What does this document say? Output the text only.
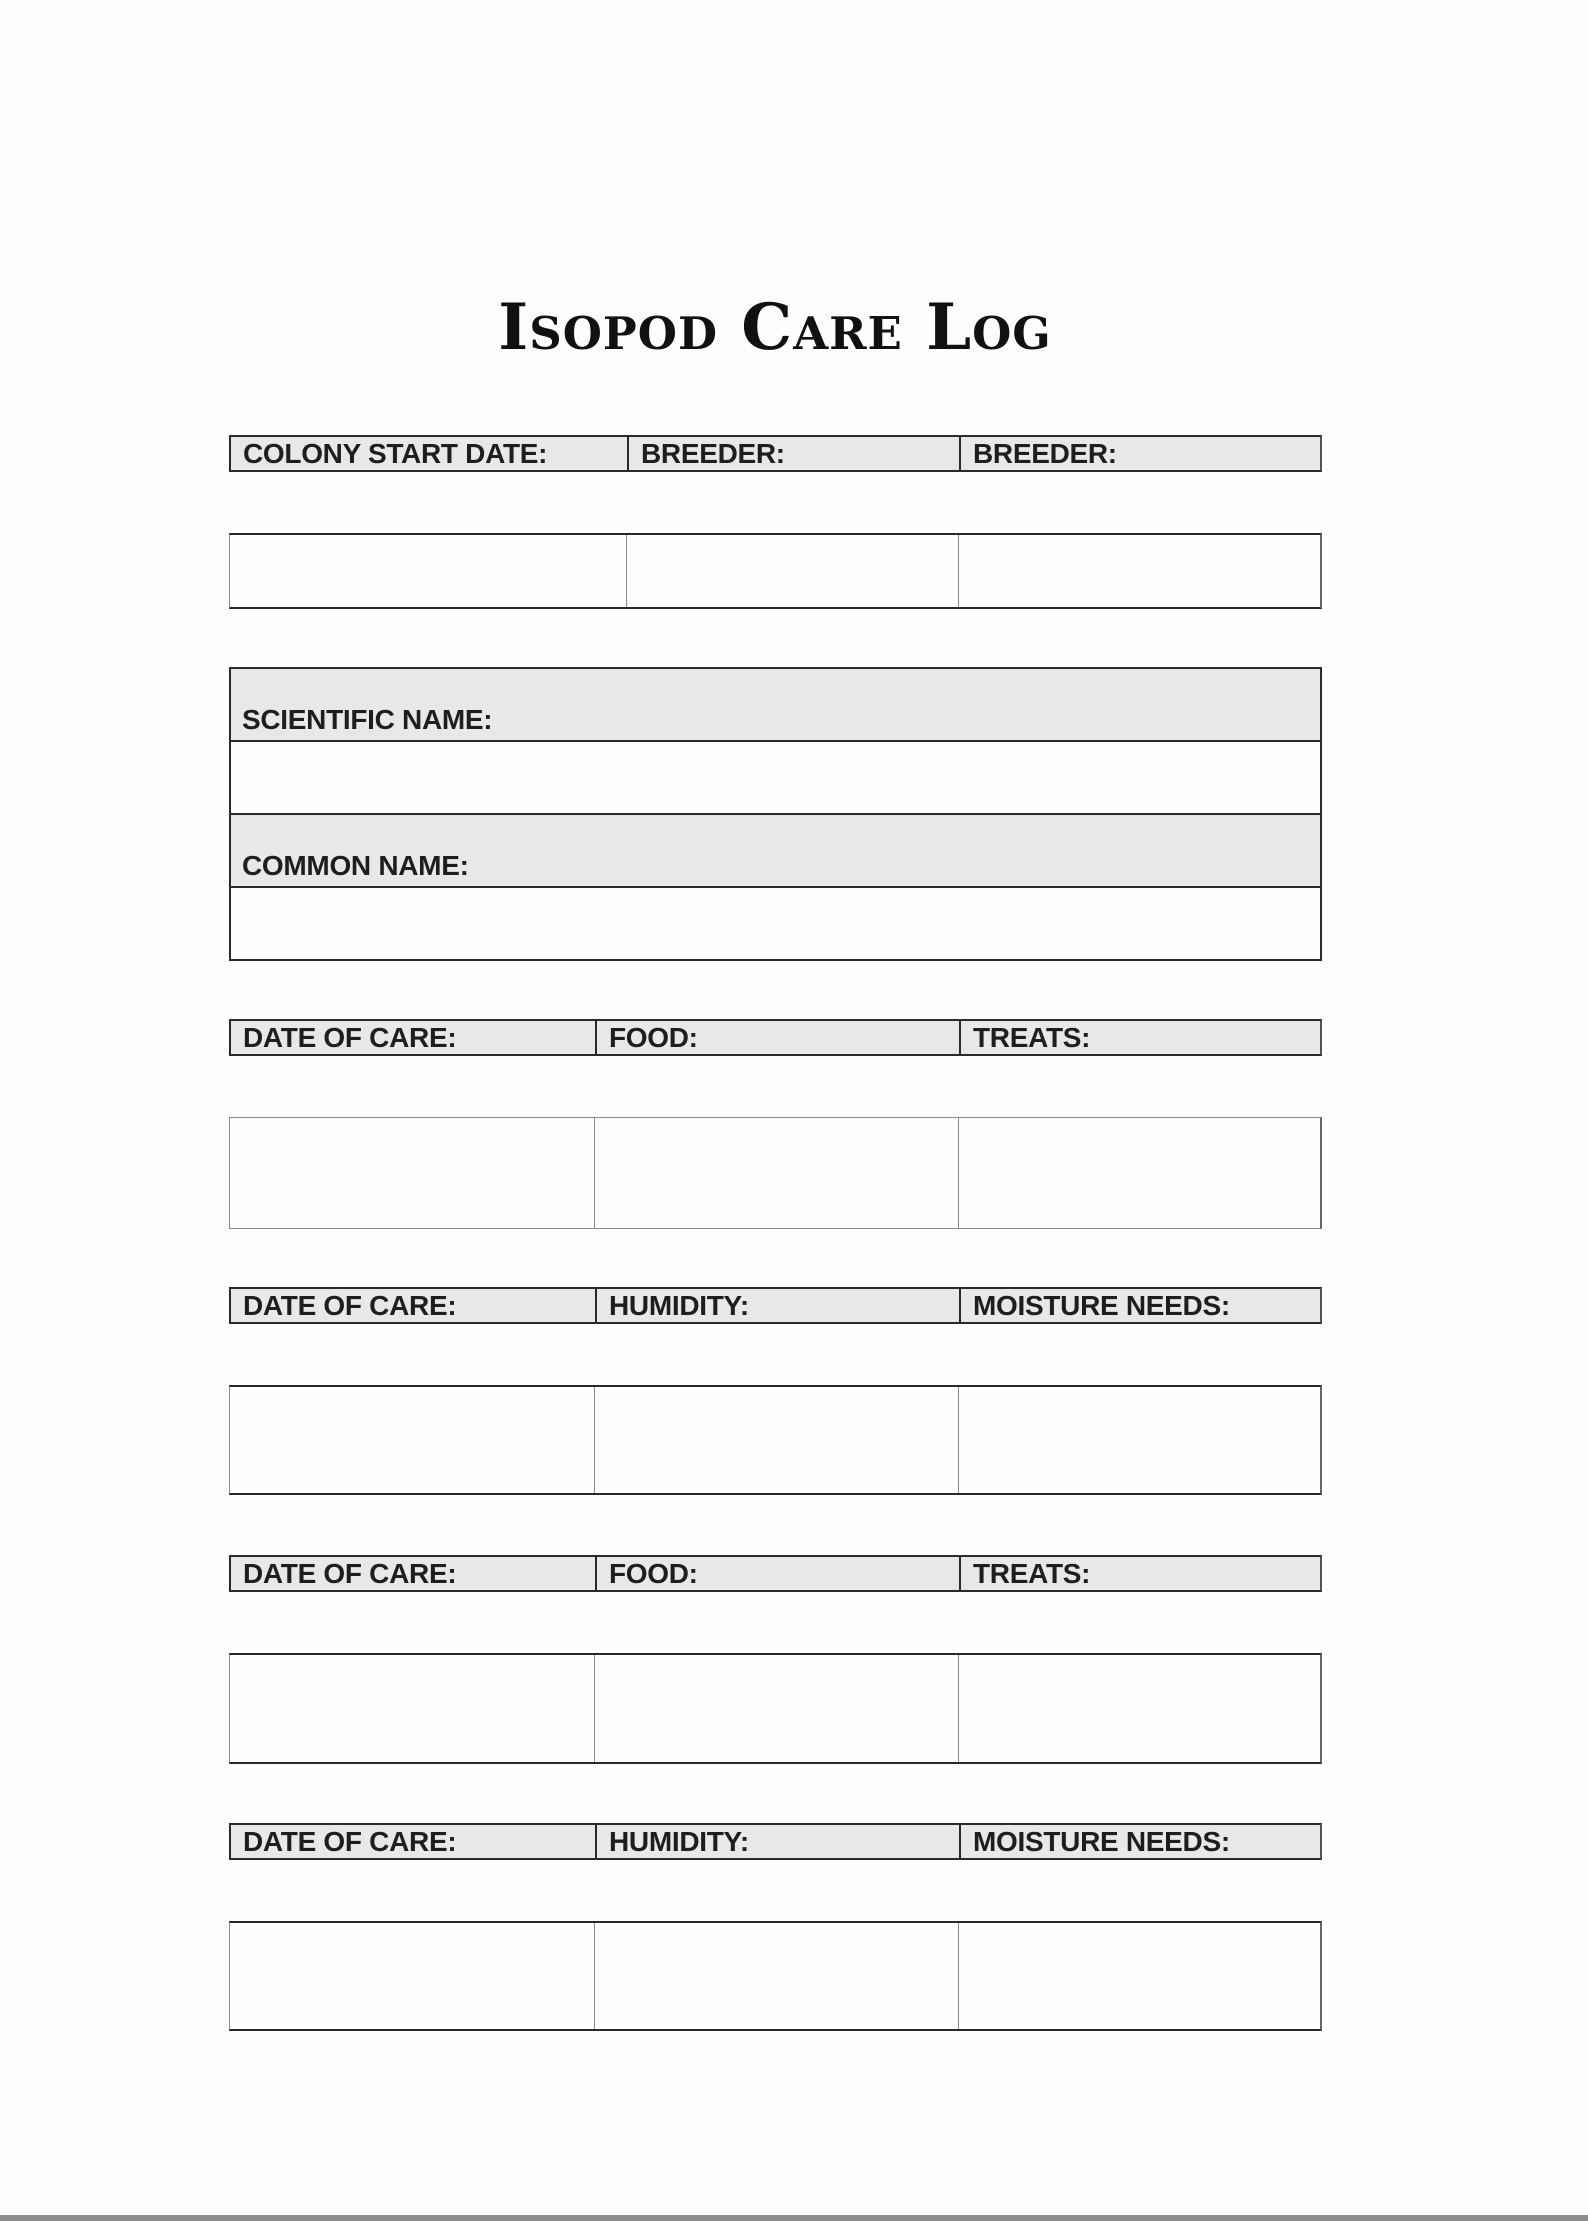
Isopod Care Log
COLONY START DATE:	BREEDER:	BREEDER:
SCIENTIFIC NAME:
COMMON NAME:
DATE OF CARE:	FOOD:	TREATS:
DATE OF CARE:	HUMIDITY:	MOISTURE NEEDS:
DATE OF CARE:	FOOD:	TREATS:
DATE OF CARE:	HUMIDITY:	MOISTURE NEEDS:
